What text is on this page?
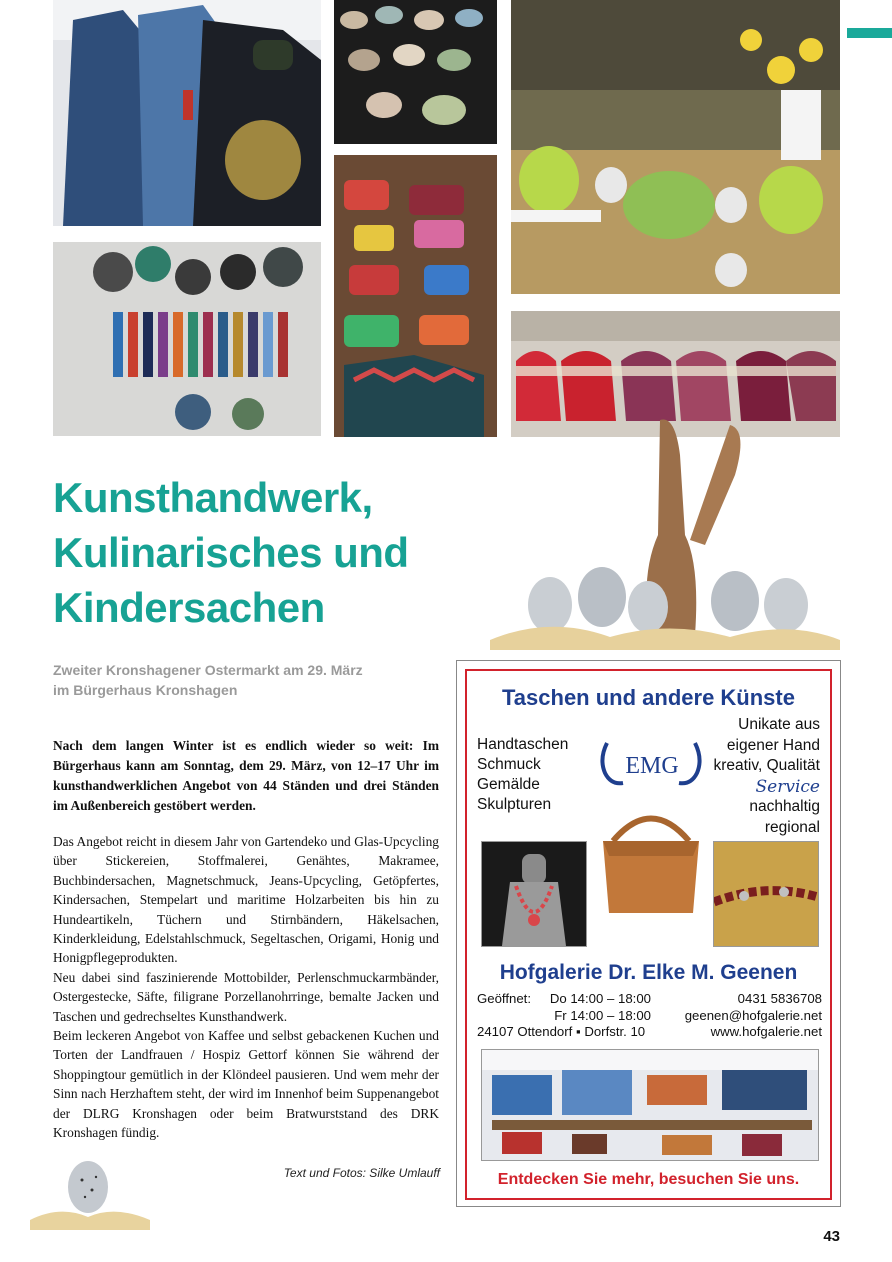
Kunsthandwerk,
Kulinarisches und
Kindersachen
Zweiter Kronshagener Ostermarkt am 29. März
im Bürgerhaus Kronshagen
Nach dem langen Winter ist es endlich wieder so weit: Im Bürgerhaus kann am Sonntag, dem 29. März, von 12–17 Uhr im kunsthandwerklichen Angebot von 44 Ständen und drei Ständen im Außenbereich gestöbert werden.

Das Angebot reicht in diesem Jahr von Gartendeko und Glas-Upcycling über Stickereien, Stoffmalerei, Genähtes, Makramee, Buchbindersachen, Magnetschmuck, Jeans-Upcycling, Getöpfertes, Kindersachen, Stempelart und maritime Holzarbeiten bis hin zu Hundeartikeln, Tüchern und Stirnbändern, Häkelsachen, Kinderkleidung, Edelstahlschmuck, Segeltaschen, Origami, Honig und Honigpflegeprodukten.

Neu dabei sind faszinierende Mottobilder, Perlenschmuckarmbänder, Ostergestecke, Säfte, filigrane Porzellanohrringe, bemalte Jacken und Taschen und gedrechseltes Kunsthandwerk.

Beim leckeren Angebot von Kaffee und selbst gebackenen Kuchen und Torten der Landfrauen / Hospiz Gettorf können Sie während der Shoppingtour gemütlich in der Klöndeel pausieren. Und wem mehr der Sinn nach Herzhaftem steht, der wird im Innenhof beim Suppenangebot der DLRG Kronshagen oder beim Bratwurststand des DRK Kronshagen fündig.

Text und Fotos: Silke Umlauff
Taschen und andere Künste
Handtaschen
Schmuck
Gemälde
Skulpturen
EMG
Unikate aus
eigener Hand
kreativ, Qualität
Service
nachhaltig
regional
Hofgalerie Dr. Elke M. Geenen
Geöffnet: Do 14:00 – 18:00
Fr 14:00 – 18:00
24107 Ottendorf ▪ Dorfstr. 10
0431 5836708
geenen@hofgalerie.net
www.hofgalerie.net
Entdecken Sie mehr, besuchen Sie uns.
43
